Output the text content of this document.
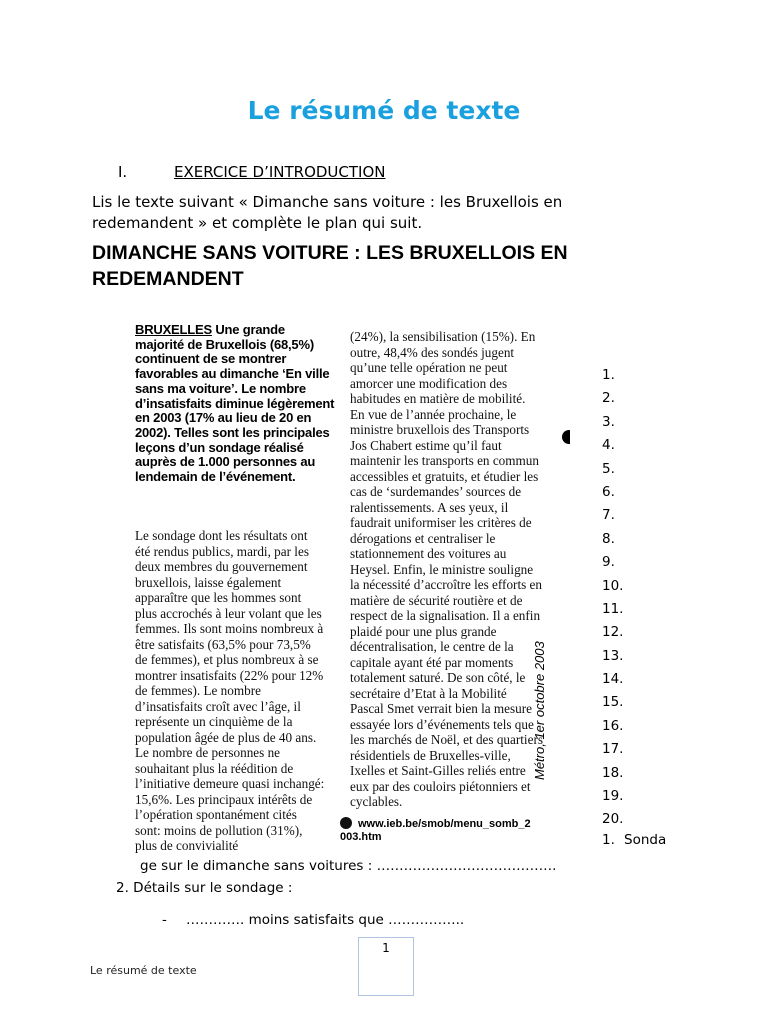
Le résumé de texte
I.	EXERCICE D’INTRODUCTION
Lis le texte suivant « Dimanche sans voiture : les Bruxellois en redemandent » et complète le plan qui suit.
DIMANCHE SANS VOITURE : LES BRUXELLOIS EN REDEMANDENT
BRUXELLES Une grande majorité de Bruxellois (68,5%) continuent de se montrer favorables au dimanche ‘En ville sans ma voiture’. Le nombre d’insatisfaits diminue légèrement en 2003 (17% au lieu de 20 en 2002). Telles sont les principales leçons d’un sondage réalisé auprès de 1.000 personnes au lendemain de l’événement.
Le sondage dont les résultats ont été rendus publics, mardi, par les deux membres du gouvernement bruxellois, laisse également apparaître que les hommes sont plus accrochés à leur volant que les femmes. Ils sont moins nombreux à être satisfaits (63,5% pour 73,5% de femmes), et plus nombreux à se montrer insatisfaits (22% pour 12% de femmes). Le nombre d’insatisfaits croît avec l’âge, il représente un cinquième de la population âgée de plus de 40 ans. Le nombre de personnes ne souhaitant plus la réédition de l’initiative demeure quasi inchangé: 15,6%. Les principaux intérêts de l’opération spontanément cités sont: moins de pollution (31%), plus de convivialité
(24%), la sensibilisation (15%). En outre, 48,4% des sondés jugent qu’une telle opération ne peut amorcer une modification des habitudes en matière de mobilité. En vue de l’année prochaine, le ministre bruxellois des Transports Jos Chabert estime qu’il faut maintenir les transports en commun accessibles et gratuits, et étudier les cas de ‘surdemandes’ sources de ralentissements. A ses yeux, il faudrait uniformiser les critères de dérogations et centraliser le stationnement des voitures au Heysel. Enfin, le ministre souligne la nécessité d’accroître les efforts en matière de sécurité routière et de respect de la signalisation. Il a enfin plaidé pour une plus grande décentralisation, le centre de la capitale ayant été par moments totalement saturé. De son côté, le secrétaire d’Etat à la Mobilité Pascal Smet verrait bien la mesure essayée lors d’événements tels que les marchés de Noël, et des quartiers résidentiels de Bruxelles-ville, Ixelles et Saint-Gilles reliés entre eux par des couloirs piétonniers et cyclables.
www.ieb.be/smob/menu_somb_2 003.htm
Métro, 1er octobre 2003
1.
2.
3.
4.
5.
6.
7.
8.
9.
10.
11.
12.
13.
14.
15.
16.
17.
18.
19.
20.
1. Sonda
ge sur le dimanche sans voitures : ………………………………….
2. Détails sur le sondage :
- …………. moins satisfaits que ……………..
1
Le résumé de texte
